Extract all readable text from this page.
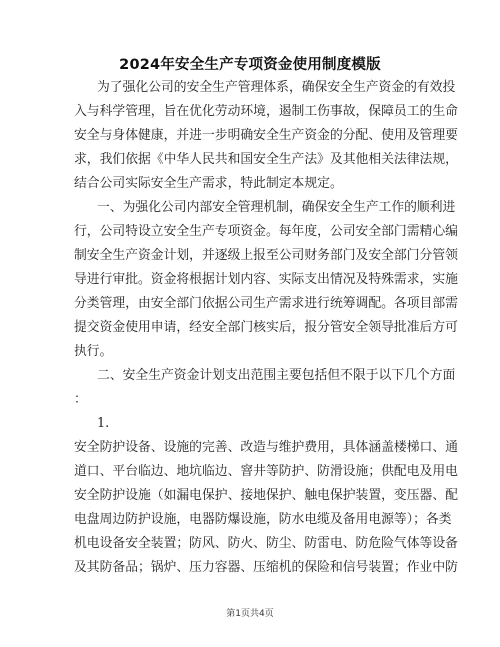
2024年安全生产专项资金使用制度模版
为了强化公司的安全生产管理体系，确保安全生产资金的有效投
入与科学管理，旨在优化劳动环境，遏制工伤事故，保障员工的生命
安全与身体健康，并进一步明确安全生产资金的分配、使用及管理要
求，我们依据《中华人民共和国安全生产法》及其他相关法律法规，
结合公司实际安全生产需求，特此制定本规定。
一、为强化公司内部安全管理机制，确保安全生产工作的顺利进
行，公司特设立安全生产专项资金。每年度，公司安全部门需精心编
制安全生产资金计划，并逐级上报至公司财务部门及安全部门分管领
导进行审批。资金将根据计划内容、实际支出情况及特殊需求，实施
分类管理，由安全部门依据公司生产需求进行统筹调配。各项目部需
提交资金使用申请，经安全部门核实后，报分管安全领导批准后方可
执行。
二、安全生产资金计划支出范围主要包括但不限于以下几个方面
：
1.
安全防护设备、设施的完善、改造与维护费用，具体涵盖楼梯口、通
道口、平台临边、地坑临边、窨井等防护、防滑设施；供配电及用电
安全防护设施（如漏电保护、接地保护、触电保护装置，变压器、配
电盘周边防护设施，电器防爆设施，防水电缆及备用电源等）；各类
机电设备安全装置；防风、防火、防尘、防雷电、防危险气体等设备
及其防备品；锅炉、压力容器、压缩机的保险和信号装置；作业中防
第1页共4页
